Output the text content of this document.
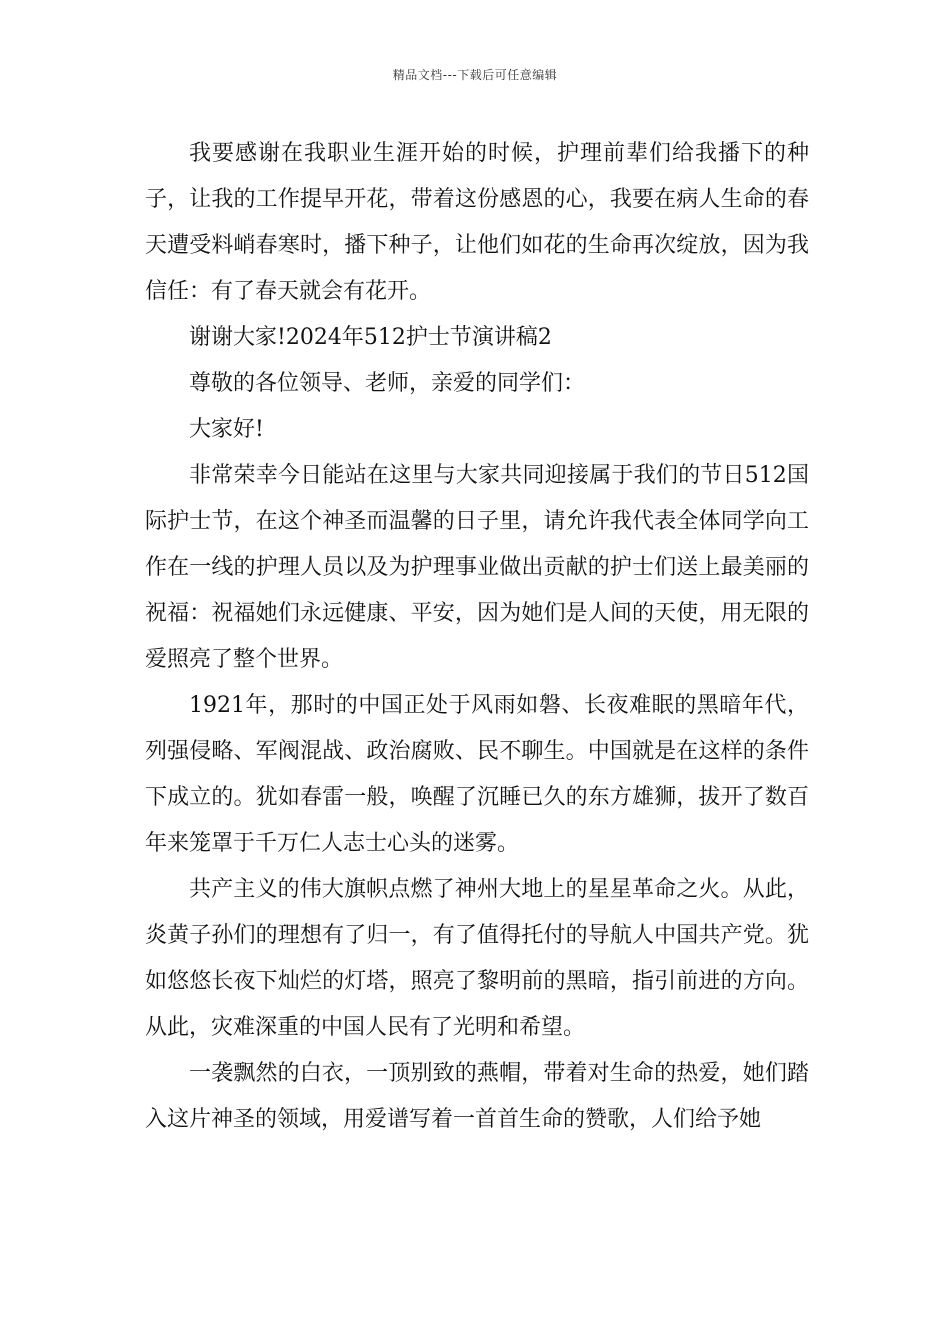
精品文档---下载后可任意编辑

我要感谢在我职业生涯开始的时候，护理前辈们给我播下的种子，让我的工作提早开花，带着这份感恩的心，我要在病人生命的春天遭受料峭春寒时，播下种子，让他们如花的生命再次绽放，因为我信任：有了春天就会有花开。

谢谢大家!2024年512护士节演讲稿2

尊敬的各位领导、老师，亲爱的同学们：

大家好!

非常荣幸今日能站在这里与大家共同迎接属于我们的节日512国际护士节，在这个神圣而温馨的日子里，请允许我代表全体同学向工作在一线的护理人员以及为护理事业做出贡献的护士们送上最美丽的祝福：祝福她们永远健康、平安，因为她们是人间的天使，用无限的爱照亮了整个世界。

1921年，那时的中国正处于风雨如磐、长夜难眠的黑暗年代，列强侵略、军阀混战、政治腐败、民不聊生。中国就是在这样的条件下成立的。犹如春雷一般，唤醒了沉睡已久的东方雄狮，拔开了数百年来笼罩于千万仁人志士心头的迷雾。

共产主义的伟大旗帜点燃了神州大地上的星星革命之火。从此，炎黄子孙们的理想有了归一，有了值得托付的导航人中国共产党。犹如悠悠长夜下灿烂的灯塔，照亮了黎明前的黑暗，指引前进的方向。从此，灾难深重的中国人民有了光明和希望。

一袭飘然的白衣，一顶别致的燕帽，带着对生命的热爱，她们踏入这片神圣的领域，用爱谱写着一首首生命的赞歌，人们给予她
